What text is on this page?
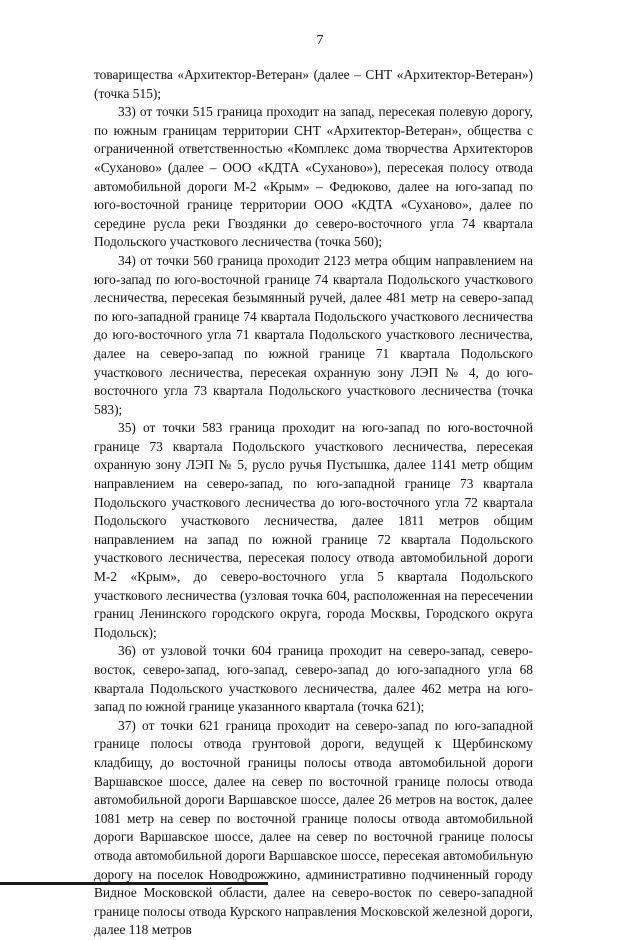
7

товарищества «Архитектор-Ветеран» (далее – СНТ «Архитектор-Ветеран») (точка 515);

33) от точки 515 граница проходит на запад, пересекая полевую дорогу, по южным границам территории СНТ «Архитектор-Ветеран», общества с ограниченной ответственностью «Комплекс дома творчества Архитекторов «Суханово» (далее – ООО «КДТА «Суханово»), пересекая полосу отвода автомобильной дороги М-2 «Крым» – Федюково, далее на юго-запад по юго-восточной границе территории ООО «КДТА «Суханово», далее по середине русла реки Гвоздянки до северо-восточного угла 74 квартала Подольского участкового лесничества (точка 560);

34) от точки 560 граница проходит 2123 метра общим направлением на юго-запад по юго-восточной границе 74 квартала Подольского участкового лесничества, пересекая безымянный ручей, далее 481 метр на северо-запад по юго-западной границе 74 квартала Подольского участкового лесничества до юго-восточного угла 71 квартала Подольского участкового лесничества, далее на северо-запад по южной границе 71 квартала Подольского участкового лесничества, пересекая охранную зону ЛЭП № 4, до юго-восточного угла 73 квартала Подольского участкового лесничества (точка 583);

35) от точки 583 граница проходит на юго-запад по юго-восточной границе 73 квартала Подольского участкового лесничества, пересекая охранную зону ЛЭП № 5, русло ручья Пустышка, далее 1141 метр общим направлением на северо-запад, по юго-западной границе 73 квартала Подольского участкового лесничества до юго-восточного угла 72 квартала Подольского участкового лесничества, далее 1811 метров общим направлением на запад по южной границе 72 квартала Подольского участкового лесничества, пересекая полосу отвода автомобильной дороги М-2 «Крым», до северо-восточного угла 5 квартала Подольского участкового лесничества (узловая точка 604, расположенная на пересечении границ Ленинского городского округа, города Москвы, Городского округа Подольск);

36) от узловой точки 604 граница проходит на северо-запад, северо-восток, северо-запад, юго-запад, северо-запад до юго-западного угла 68 квартала Подольского участкового лесничества, далее 462 метра на юго-запад по южной границе указанного квартала (точка 621);

37) от точки 621 граница проходит на северо-запад по юго-западной границе полосы отвода грунтовой дороги, ведущей к Щербинскому кладбищу, до восточной границы полосы отвода автомобильной дороги Варшавское шоссе, далее на север по восточной границе полосы отвода автомобильной дороги Варшавское шоссе, далее 26 метров на восток, далее 1081 метр на север по восточной границе полосы отвода автомобильной дороги Варшавское шоссе, далее на север по восточной границе полосы отвода автомобильной дороги Варшавское шоссе, пересекая автомобильную дорогу на поселок Новодрожжино, административно подчиненный городу Видное Московской области, далее на северо-восток по северо-западной границе полосы отвода Курского направления Московской железной дороги, далее 118 метров
